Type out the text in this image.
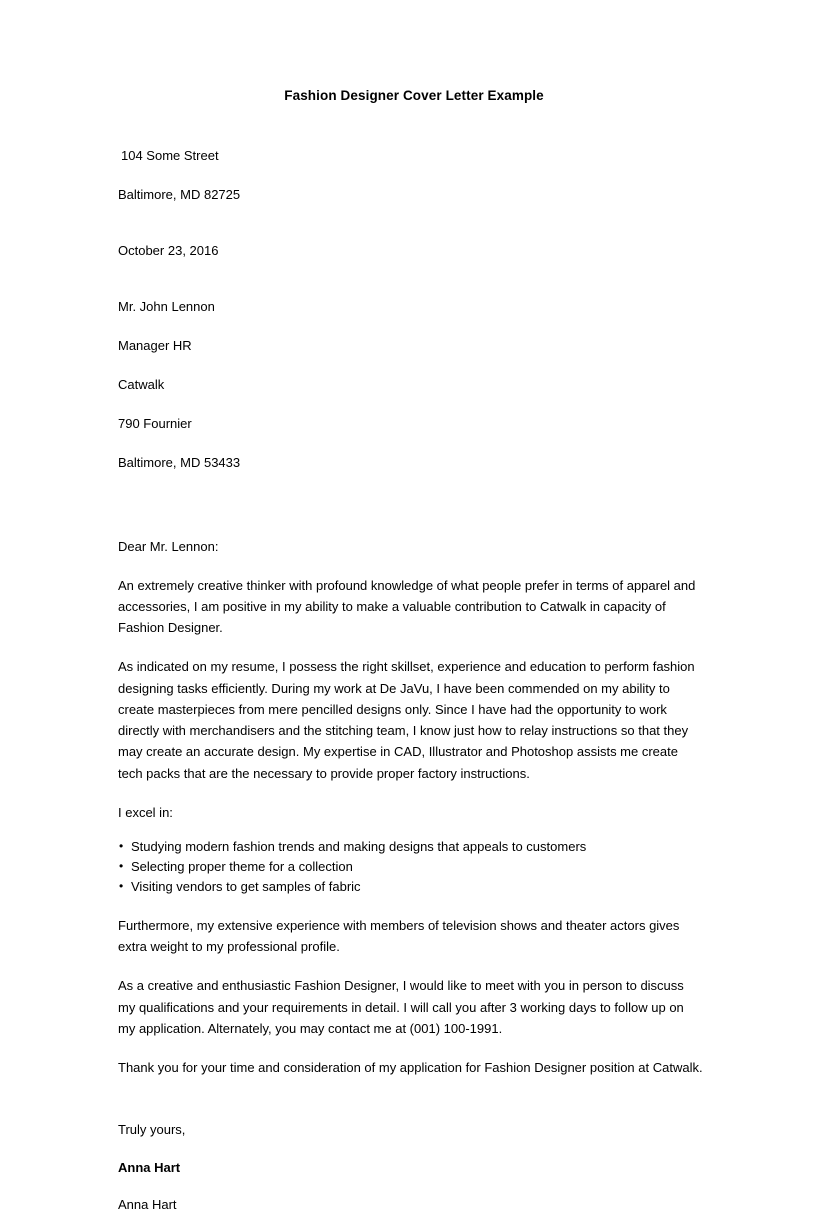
Fashion Designer Cover Letter Example

104 Some Street

Baltimore, MD 82725

October 23, 2016

Mr. John Lennon

Manager HR

Catwalk

790 Fournier

Baltimore, MD 53433

Dear Mr. Lennon:

An extremely creative thinker with profound knowledge of what people prefer in terms of apparel and accessories, I am positive in my ability to make a valuable contribution to Catwalk in capacity of Fashion Designer.

As indicated on my resume, I possess the right skillset, experience and education to perform fashion designing tasks efficiently. During my work at De JaVu, I have been commended on my ability to create masterpieces from mere pencilled designs only. Since I have had the opportunity to work directly with merchandisers and the stitching team, I know just how to relay instructions so that they may create an accurate design. My expertise in CAD, Illustrator and Photoshop assists me create tech packs that are the necessary to provide proper factory instructions.

I excel in:

• Studying modern fashion trends and making designs that appeals to customers
• Selecting proper theme for a collection
• Visiting vendors to get samples of fabric

Furthermore, my extensive experience with members of television shows and theater actors gives extra weight to my professional profile.

As a creative and enthusiastic Fashion Designer, I would like to meet with you in person to discuss my qualifications and your requirements in detail. I will call you after 3 working days to follow up on my application. Alternately, you may contact me at (001) 100-1991.

Thank you for your time and consideration of my application for Fashion Designer position at Catwalk.

Truly yours,
Anna Hart
Anna Hart
